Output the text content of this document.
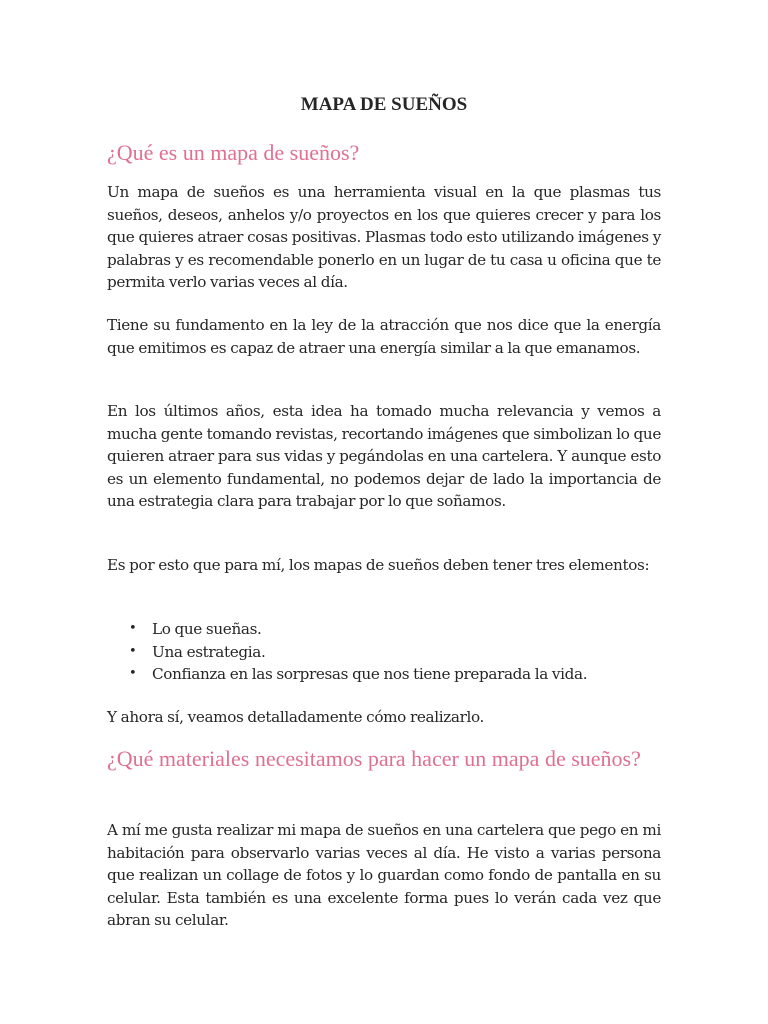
MAPA DE SUEÑOS
¿Qué es un mapa de sueños?

Un mapa de sueños es una herramienta visual en la que plasmas tus sueños, deseos, anhelos y/o proyectos en los que quieres crecer y para los que quieres atraer cosas positivas. Plasmas todo esto utilizando imágenes y palabras y es recomendable ponerlo en un lugar de tu casa u oficina que te permita verlo varias veces al día.

Tiene su fundamento en la ley de la atracción que nos dice que la energía que emitimos es capaz de atraer una energía similar a la que emanamos.

En los últimos años, esta idea ha tomado mucha relevancia y vemos a mucha gente tomando revistas, recortando imágenes que simbolizan lo que quieren atraer para sus vidas y pegándolas en una cartelera. Y aunque esto es un elemento fundamental, no podemos dejar de lado la importancia de una estrategia clara para trabajar por lo que soñamos.

Es por esto que para mí, los mapas de sueños deben tener tres elementos:

• Lo que sueñas.
• Una estrategia.
• Confianza en las sorpresas que nos tiene preparada la vida.

Y ahora sí, veamos detalladamente cómo realizarlo.

¿Qué materiales necesitamos para hacer un mapa de sueños?

A mí me gusta realizar mi mapa de sueños en una cartelera que pego en mi habitación para observarlo varias veces al día. He visto a varias persona que realizan un collage de fotos y lo guardan como fondo de pantalla en su celular. Esta también es una excelente forma pues lo verán cada vez que abran su celular.
